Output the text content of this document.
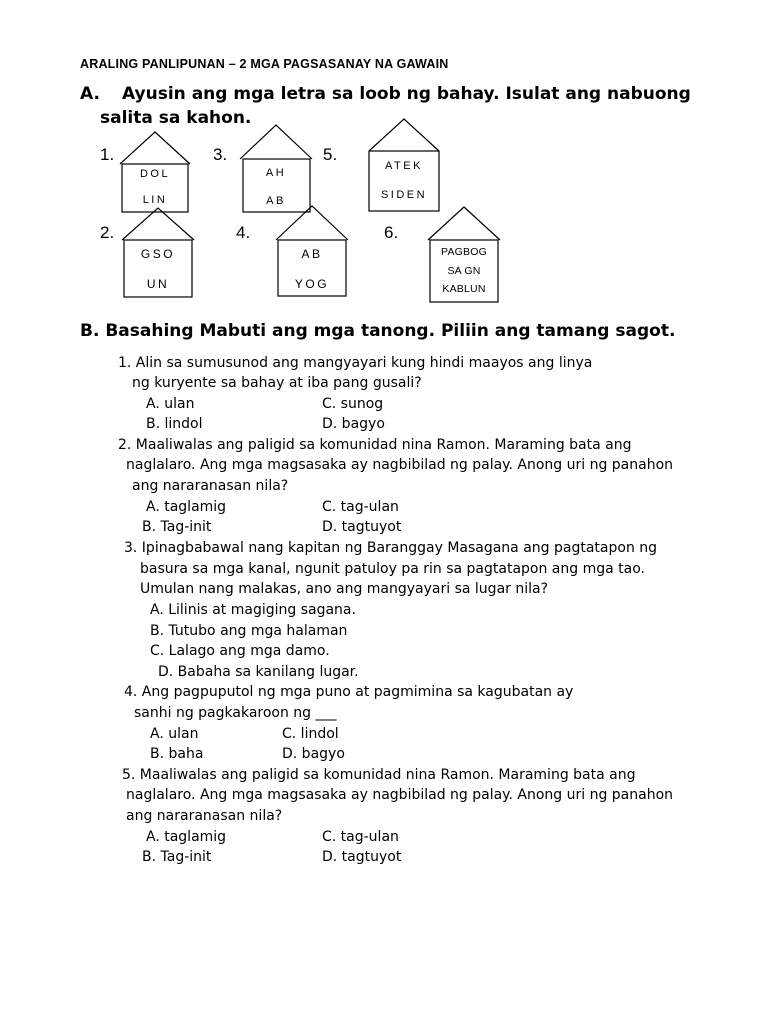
ARALING PANLIPUNAN – 2 MGA PAGSASANAY NA GAWAIN
A. Ayusin ang mga letra sa loob ng bahay. Isulat ang nabuong
salita sa kahon.
1.
2.
3.
4.
5.
6.
DOL
LIN
GSO
UN
AH
AB
AB
YOG
ATEK
SIDEN
PAGBOG
SA GN
KABLUN
B. Basahing Mabuti ang mga tanong. Piliin ang tamang sagot.
1. Alin sa sumusunod ang mangyayari kung hindi maayos ang linya
ng kuryente sa bahay at iba pang gusali?
A. ulan
B. lindol
C. sunog
D. bagyo
2. Maaliwalas ang paligid sa komunidad nina Ramon. Maraming bata ang
naglalaro. Ang mga magsasaka ay nagbibilad ng palay. Anong uri ng panahon
ang nararanasan nila?
A. taglamig
B. Tag-init
C. tag-ulan
D. tagtuyot
3. Ipinagbabawal nang kapitan ng Baranggay Masagana ang pagtatapon ng
basura sa mga kanal, ngunit patuloy pa rin sa pagtatapon ang mga tao.
Umulan nang malakas, ano ang mangyayari sa lugar nila?
A. Lilinis at magiging sagana.
B. Tutubo ang mga halaman
C. Lalago ang mga damo.
D. Babaha sa kanilang lugar.
4. Ang pagpuputol ng mga puno at pagmimina sa kagubatan ay
sanhi ng pagkakaroon ng ___
A. ulan
B. baha
C. lindol
D. bagyo
5. Maaliwalas ang paligid sa komunidad nina Ramon. Maraming bata ang
naglalaro. Ang mga magsasaka ay nagbibilad ng palay. Anong uri ng panahon
ang nararanasan nila?
A. taglamig
B. Tag-init
C. tag-ulan
D. tagtuyot
